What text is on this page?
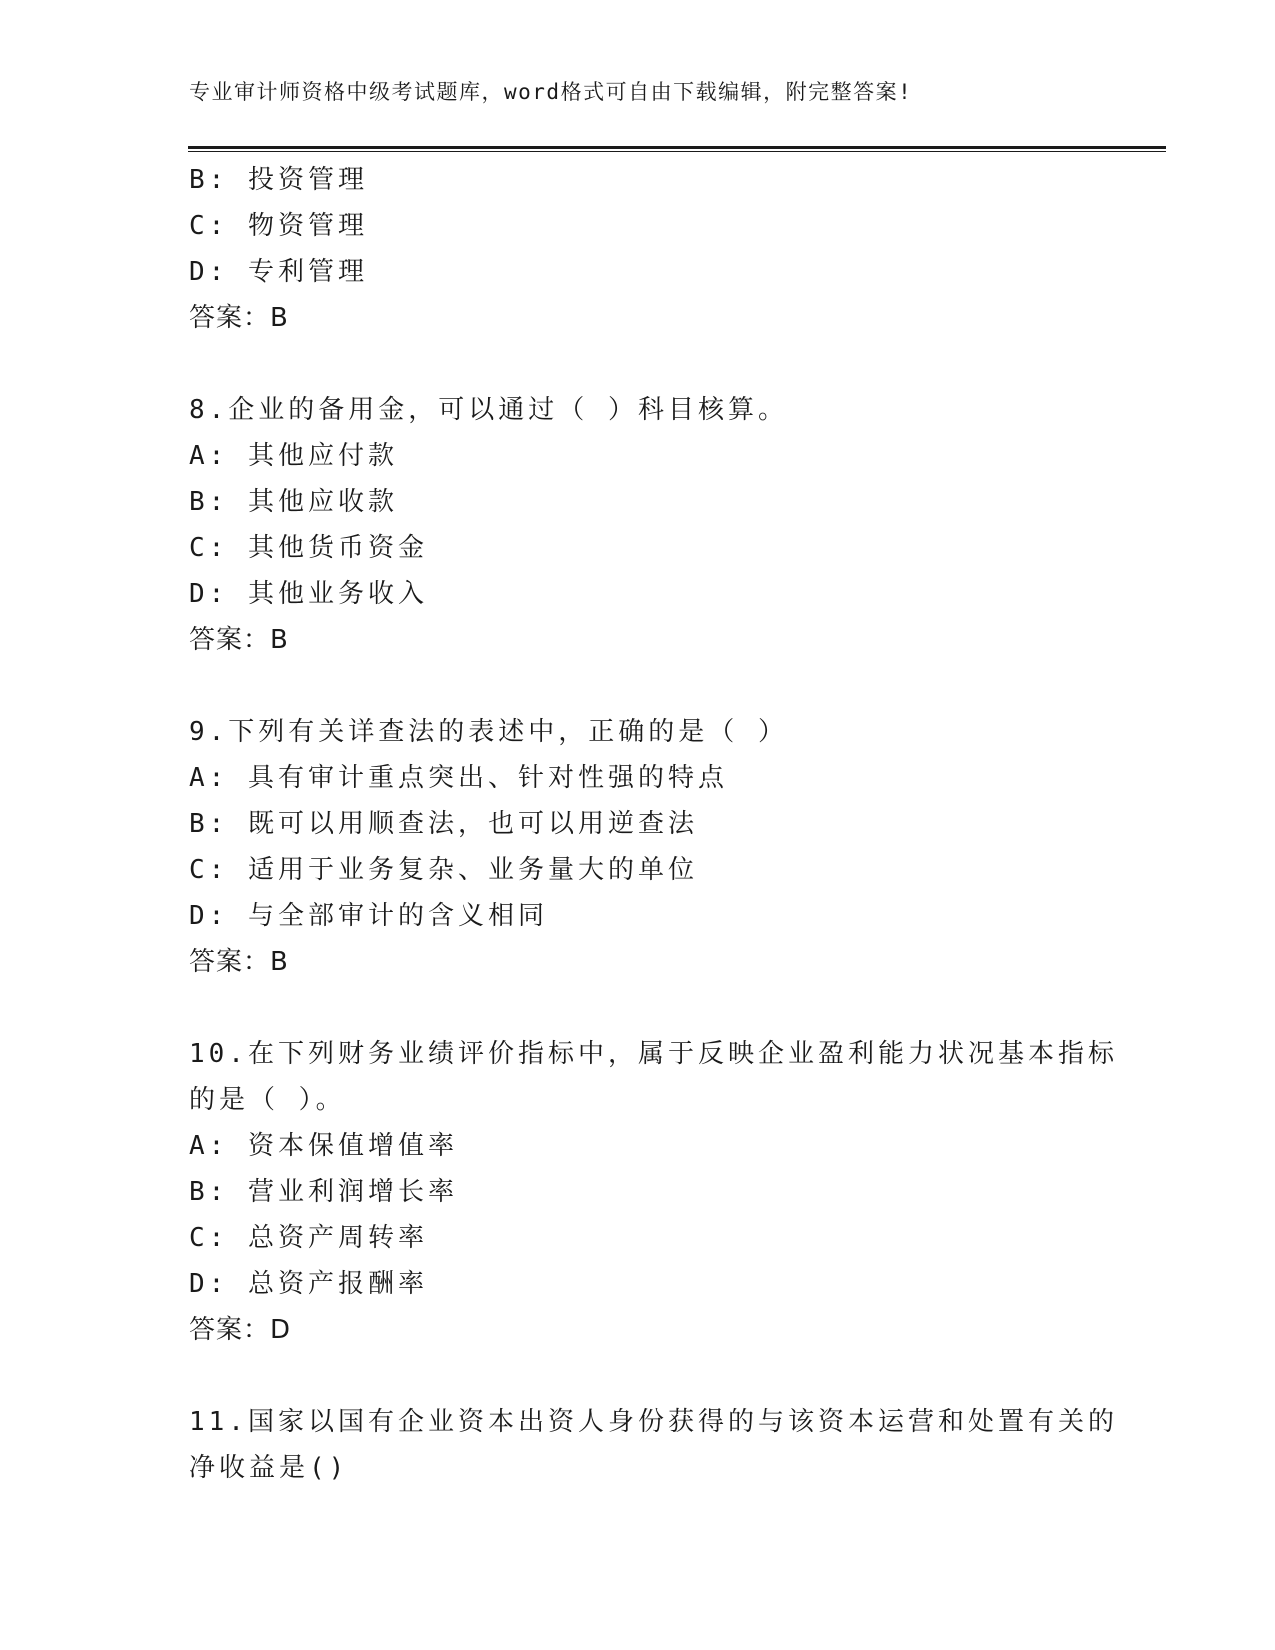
专业审计师资格中级考试题库，word格式可自由下载编辑，附完整答案!
B: 投资管理
C: 物资管理
D: 专利管理
答案：B
8.企业的备用金，可以通过（ ）科目核算。
A: 其他应付款
B: 其他应收款
C: 其他货币资金
D: 其他业务收入
答案：B
9.下列有关详查法的表述中，正确的是（ ）
A: 具有审计重点突出、针对性强的特点
B: 既可以用顺查法，也可以用逆查法
C: 适用于业务复杂、业务量大的单位
D: 与全部审计的含义相同
答案：B
10.在下列财务业绩评价指标中，属于反映企业盈利能力状况基本指标
的是（ ）。
A: 资本保值增值率
B: 营业利润增长率
C: 总资产周转率
D: 总资产报酬率
答案：D
11.国家以国有企业资本出资人身份获得的与该资本运营和处置有关的
净收益是()
